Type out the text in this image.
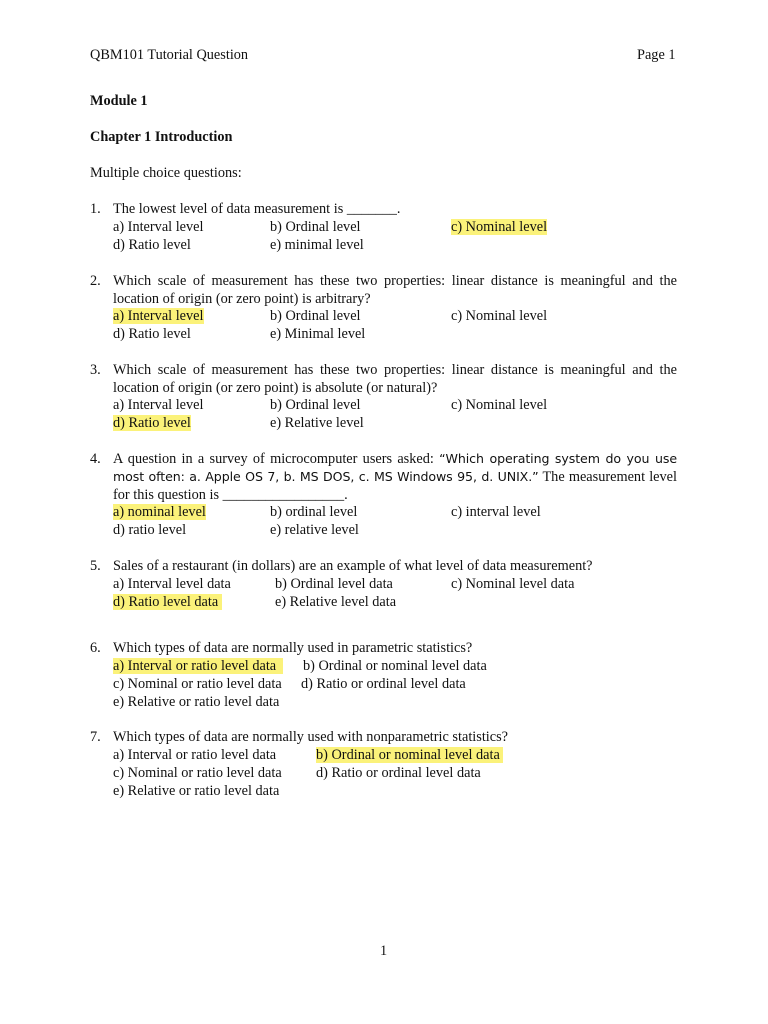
QBM101 Tutorial Question	Page 1
Module 1
Chapter 1 Introduction
Multiple choice questions:
1. The lowest level of data measurement is _______.
a) Interval level	b) Ordinal level	c) Nominal level
d) Ratio level	e) minimal level
2. Which scale of measurement has these two properties: linear distance is meaningful and the location of origin (or zero point) is arbitrary?
a) Interval level	b) Ordinal level	c) Nominal level
d) Ratio level	e) Minimal level
3. Which scale of measurement has these two properties: linear distance is meaningful and the location of origin (or zero point) is absolute (or natural)?
a) Interval level	b) Ordinal level	c) Nominal level
d) Ratio level	e) Relative level
4. A question in a survey of microcomputer users asked: “Which operating system do you use most often: a. Apple OS 7, b. MS DOS, c. MS Windows 95, d. UNIX.” The measurement level for this question is _________________.
a) nominal level	b) ordinal level	c) interval level
d) ratio level	e) relative level
5. Sales of a restaurant (in dollars) are an example of what level of data measurement?
a) Interval level data	b) Ordinal level data	c) Nominal level data
d) Ratio level data	e) Relative level data
6. Which types of data are normally used in parametric statistics?
a) Interval or ratio level data	b) Ordinal or nominal level data
c) Nominal or ratio level data d) Ratio or ordinal level data
e) Relative or ratio level data
7. Which types of data are normally used with nonparametric statistics?
a) Interval or ratio level data	b) Ordinal or nominal level data
c) Nominal or ratio level data d) Ratio or ordinal level data
e) Relative or ratio level data
1
